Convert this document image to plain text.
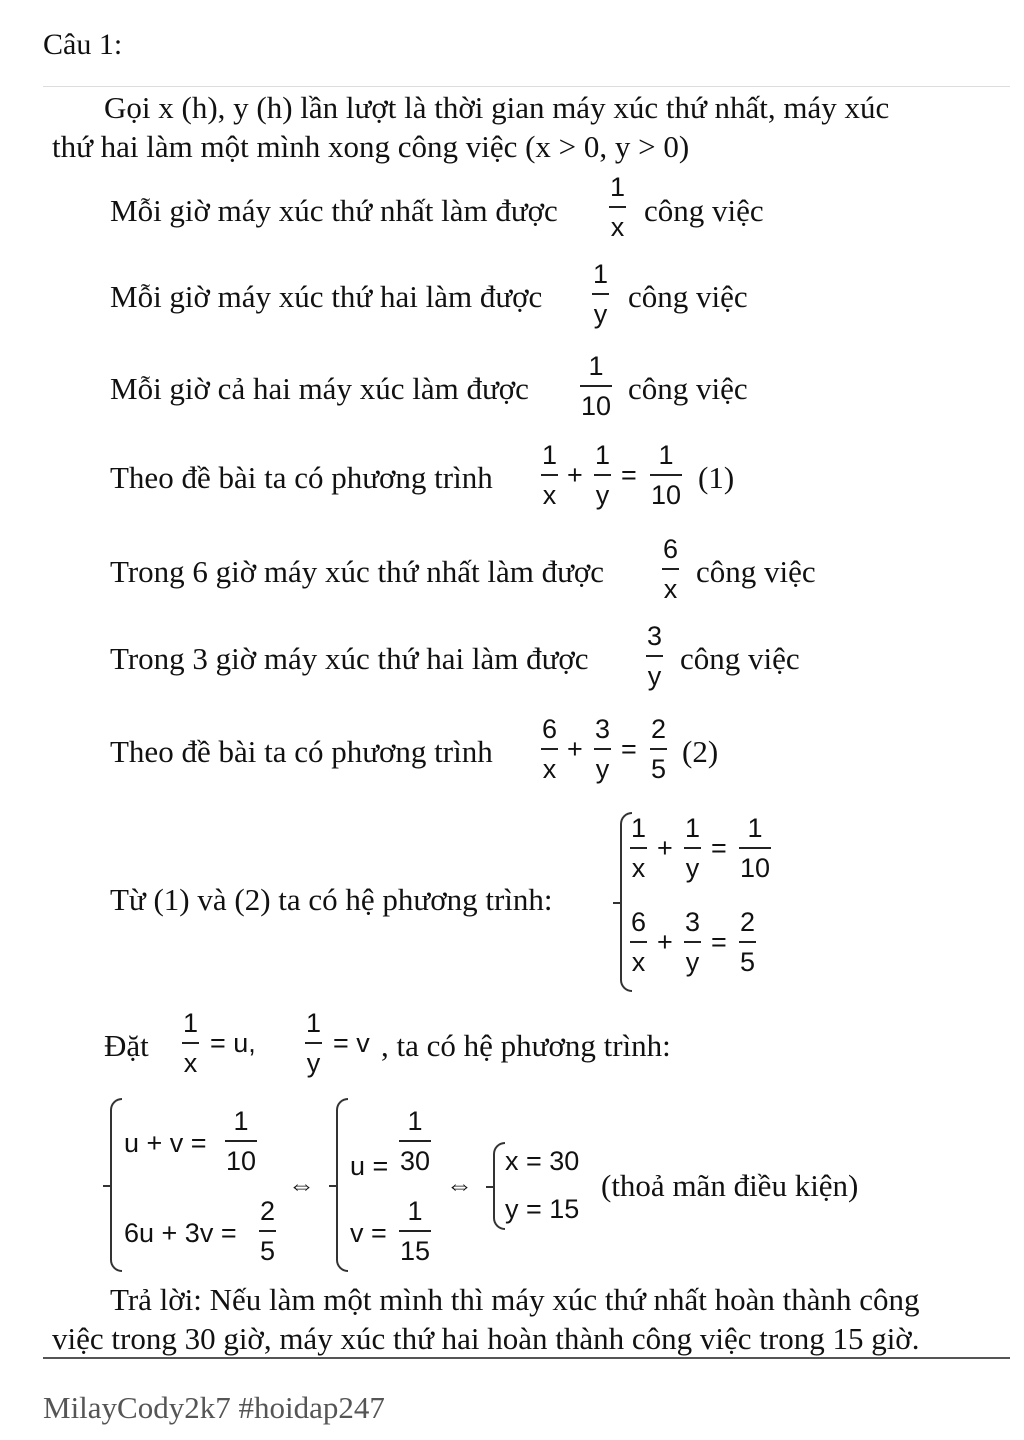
Câu 1:
Gọi x (h), y (h) lần lượt là thời gian máy xúc thứ nhất, máy xúc
thứ hai làm một mình xong công việc (x > 0, y > 0)
Mỗi giờ máy xúc thứ nhất làm được
1
x công việc
Mỗi giờ máy xúc thứ hai làm được
1
y công việc
Mỗi giờ cả hai máy xúc làm được
1
10 công việc
Theo đề bài ta có phương trình
1
x
+
1
y
=
1
10 (1)
Trong 6 giờ máy xúc thứ nhất làm được
6
x công việc
Trong 3 giờ máy xúc thứ hai làm được
3
y công việc
Theo đề bài ta có phương trình
6
x
+
3
y
=
2
5 (2)
Từ (1) và (2) ta có hệ phương trình:
1
x
+
1
y
=
1
10
6
x
+
3
y
=
2
5
Đặt
1
x
= u,
1
y
= v , ta có hệ phương trình:
u + v =
1
10
6u + 3v =
2
5
⇔
u =
1
30
v =
1
15
⇔
x = 30
y = 15
(thoả mãn điều kiện)
Trả lời: Nếu làm một mình thì máy xúc thứ nhất hoàn thành công
việc trong 30 giờ, máy xúc thứ hai hoàn thành công việc trong 15 giờ.
MilayCody2k7 #hoidap247
